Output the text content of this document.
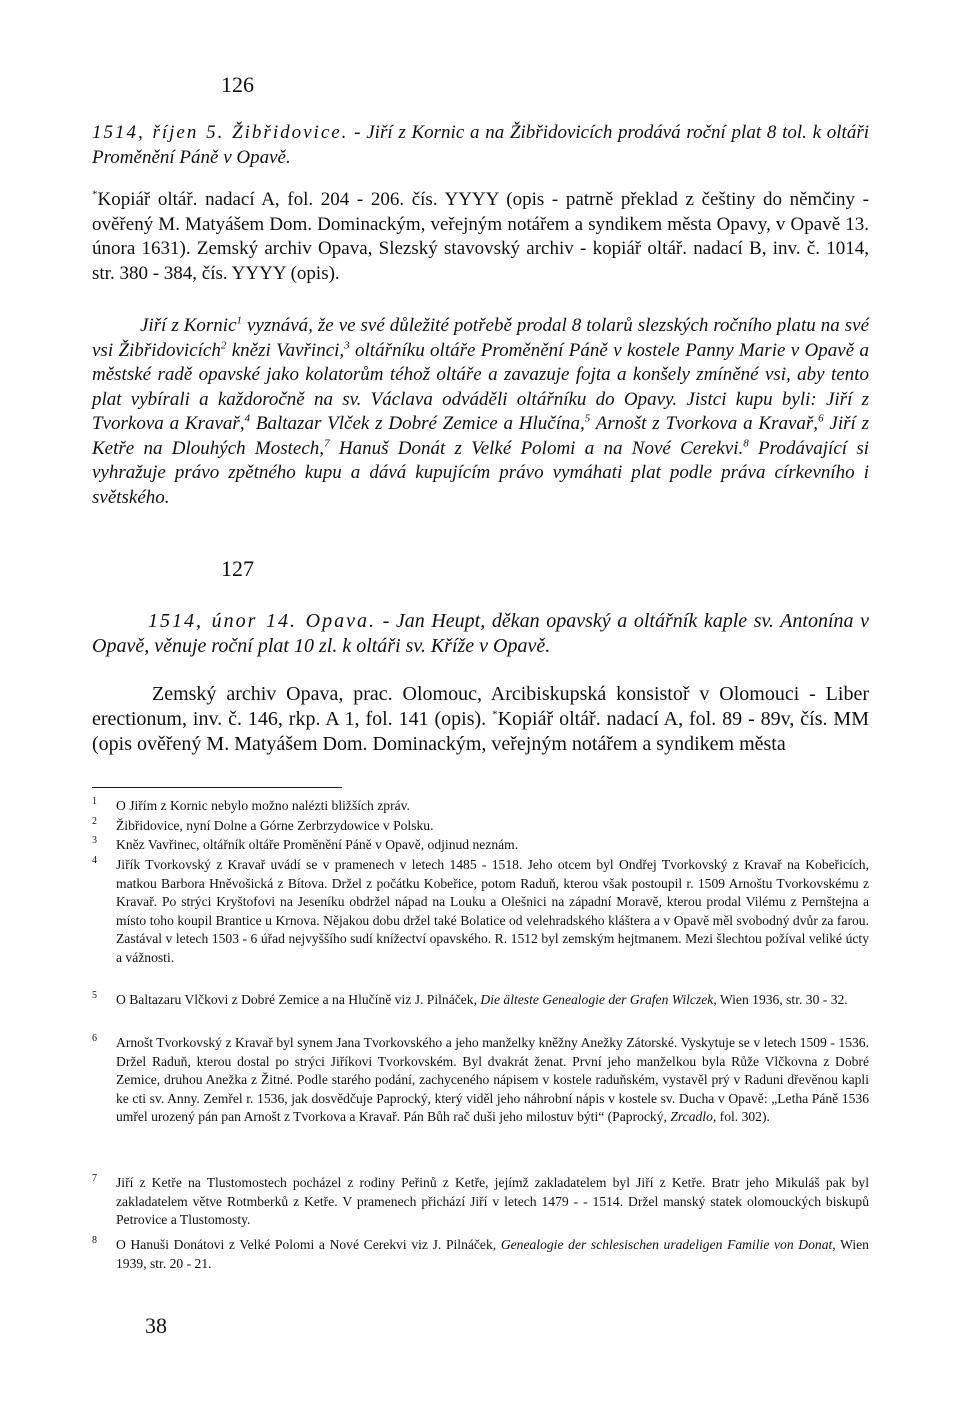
126
1514, říjen 5. Žibřidovice. - Jiří z Kornic a na Žibřidovicích prodává roční plat 8 tol. k oltáři Proměnění Páně v Opavě.
*Kopiář oltář. nadací A, fol. 204 - 206. čís. YYYY (opis - patrně překlad z češtiny do němčiny - ověřený M. Matyášem Dom. Dominackým, veřejným notářem a syndikem města Opavy, v Opavě 13. února 1631). Zemský archiv Opava, Slezský stavovský archiv - kopiář oltář. nadací B, inv. č. 1014, str. 380 - 384, čís. YYYY (opis).
Jiří z Kornic$^1$ vyznává, že ve své důležité potřebě prodal 8 tolarů slezských ročního platu na své vsi Žibřidovicích$^2$ knězi Vavřinci,$^3$ oltářníku oltáře Proměnění Páně v kostele Panny Marie v Opavě a městské radě opavské jako kolatorům téhož oltáře a zavazuje fojta a konšely zmíněné vsi, aby tento plat vybírali a každoročně na sv. Václava odváděli oltářníku do Opavy. Jistci kupu byli: Jiří z Tvorkova a Kravař,$^4$ Baltazar Vlček z Dobré Zemice a Hlučína,$^5$ Arnošt z Tvorkova a Kravař,$^6$ Jiří z Ketře na Dlouhých Mostech,$^7$ Hanuš Donát z Velké Polomi a na Nové Cerekvi.$^8$ Prodávající si vyhražuje právo zpětného kupu a dává kupujícím právo vymáhati plat podle práva církevního i světského.
127
1514, únor 14. Opava. - Jan Heupt, děkan opavský a oltářník kaple sv. Antonína v Opavě, věnuje roční plat 10 zl. k oltáři sv. Kříže v Opavě.
Zemský archiv Opava, prac. Olomouc, Arcibiskupská konsistoř v Olomouci - Liber erectionum, inv. č. 146, rkp. A 1, fol. 141 (opis). *Kopiář oltář. nadací A, fol. 89 - 89v, čís. MM (opis ověřený M. Matyášem Dom. Dominackým, veřejným notářem a syndikem města
1 O Jiřím z Kornic nebylo možno nalézti bližších zpráv.
2 Žibřidovice, nyní Dolne a Górne Zerbrzydowice v Polsku.
3 Kněz Vavřinec, oltářník oltáře Proměnění Páně v Opavě, odjinud neznám.
4 Jiřík Tvorkovský z Kravař uvádí se v pramenech v letech 1485 - 1518. Jeho otcem byl Ondřej Tvorkovský z Kravař na Kobeřicích, matkou Barbora Hněvošická z Bítova. Držel z počátku Kobeřice, potom Raduň, kterou však postoupil r. 1509 Arnoštu Tvorkovskému z Kravař. Po strýci Kryštofovi na Jeseníku obdržel nápad na Louku a Olešnici na západní Moravě, kterou prodal Vilému z Pernštejna a místo toho koupil Brantice u Krnova. Nějakou dobu držel také Bolatice od velehradského kláštera a v Opavě měl svobodný dvůr za farou. Zastával v letech 1503 - 6 úřad nejvyššího sudí knížectví opavského. R. 1512 byl zemským hejtmanem. Mezi šlechtou požíval veliké úcty a vážnosti.
5 O Baltazaru Vlčkovi z Dobré Zemice a na Hlučíně viz J. Pilnáček, Die älteste Genealogie der Grafen Wilczek, Wien 1936, str. 30 - 32.
6 Arnošt Tvorkovský z Kravař byl synem Jana Tvorkovského a jeho manželky kněžny Anežky Zátorské. Vyskytuje se v letech 1509 - 1536. Držel Raduň, kterou dostal po strýci Jiříkovi Tvorkovském. Byl dvakrát ženat. První jeho manželkou byla Růže Vlčkovna z Dobré Zemice, druhou Anežka z Žitné. Podle starého podání, zachyceného nápisem v kostele raduňském, vystavěl prý v Raduni dřevěnou kapli ke cti sv. Anny. Zemřel r. 1536, jak dosvědčuje Paprocký, který viděl jeho náhrobní nápis v kostele sv. Ducha v Opavě: „Letha Páně 1536 umřel urozený pán pan Arnošt z Tvorkova a Kravař. Pán Bůh rač duši jeho milostuv býti“ (Paprocký, Zrcadlo, fol. 302).
7 Jiří z Ketře na Tlustomostech pocházel z rodiny Peřinů z Ketře, jejímž zakladatelem byl Jiří z Ketře. Bratr jeho Mikuláš pak byl zakladatelem větve Rotmberků z Ketře. V pramenech přichází Jiří v letech 1479 - - 1514. Držel manský statek olomouckých biskupů Petrovice a Tlustomosty.
8 O Hanuši Donátovi z Velké Polomi a Nové Cerekvi viz J. Pilnáček, Genealogie der schlesischen uradeligen Familie von Donat, Wien 1939, str. 20 - 21.
38
